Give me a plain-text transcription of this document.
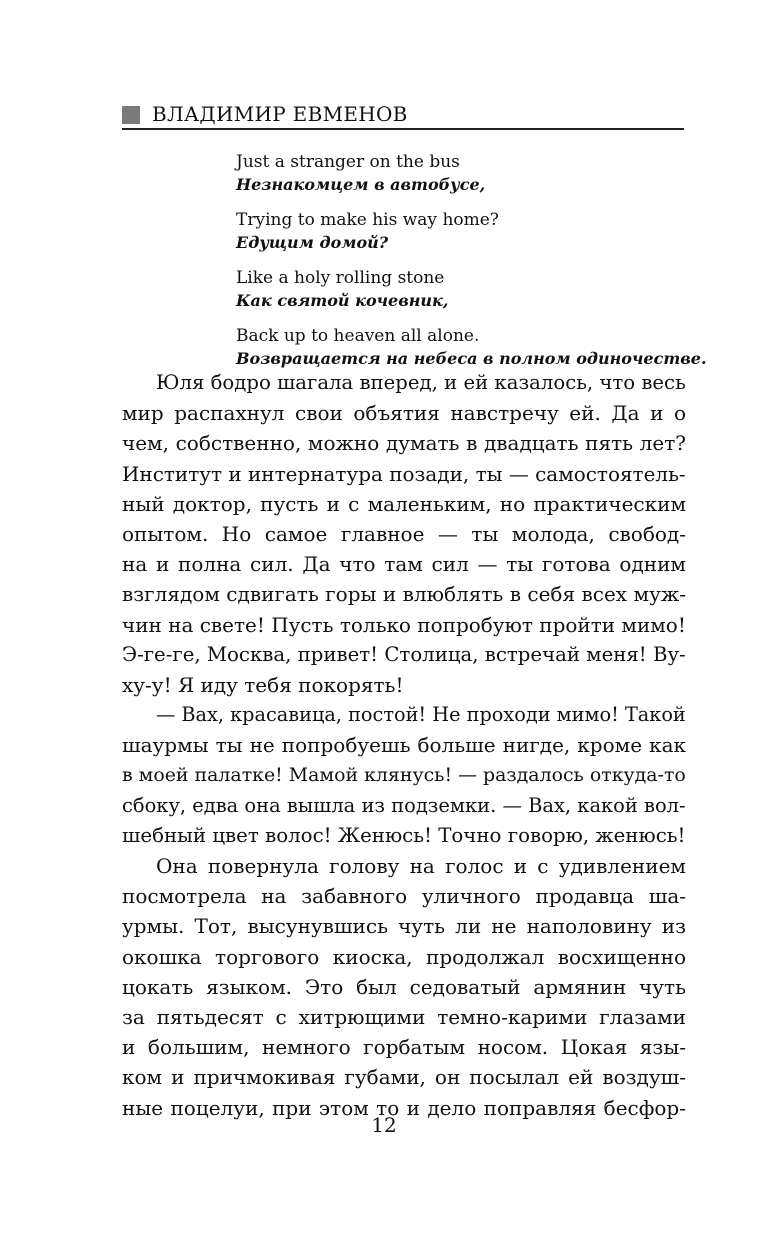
ВЛАДИМИР ЕВМЕНОВ
Just a stranger on the bus
Незнакомцем в автобусе,
Trying to make his way home?
Едущим домой?
Like a holy rolling stone
Как святой кочевник,
Back up to heaven all alone.
Возвращается на небеса в полном одиночестве.
Юля бодро шагала вперед, и ей казалось, что весь
мир распахнул свои объятия навстречу ей. Да и о
чем, собственно, можно думать в двадцать пять лет?
Институт и интернатура позади, ты — самостоятель-
ный доктор, пусть и с маленьким, но практическим
опытом. Но самое главное — ты молода, свобод-
на и полна сил. Да что там сил — ты готова одним
взглядом сдвигать горы и влюблять в себя всех муж-
чин на свете! Пусть только попробуют пройти мимо!
Э-ге-ге, Москва, привет! Столица, встречай меня! Ву-
ху-у! Я иду тебя покорять!
— Вах, красавица, постой! Не проходи мимо! Такой
шаурмы ты не попробуешь больше нигде, кроме как
в моей палатке! Мамой клянусь! — раздалось откуда-то
сбоку, едва она вышла из подземки. — Вах, какой вол-
шебный цвет волос! Женюсь! Точно говорю, женюсь!
Она повернула голову на голос и с удивлением
посмотрела на забавного уличного продавца ша-
урмы. Тот, высунувшись чуть ли не наполовину из
окошка торгового киоска, продолжал восхищенно
цокать языком. Это был седоватый армянин чуть
за пятьдесят с хитрющими темно-карими глазами
и большим, немного горбатым носом. Цокая язы-
ком и причмокивая губами, он посылал ей воздуш-
ные поцелуи, при этом то и дело поправляя бесфор-
12
